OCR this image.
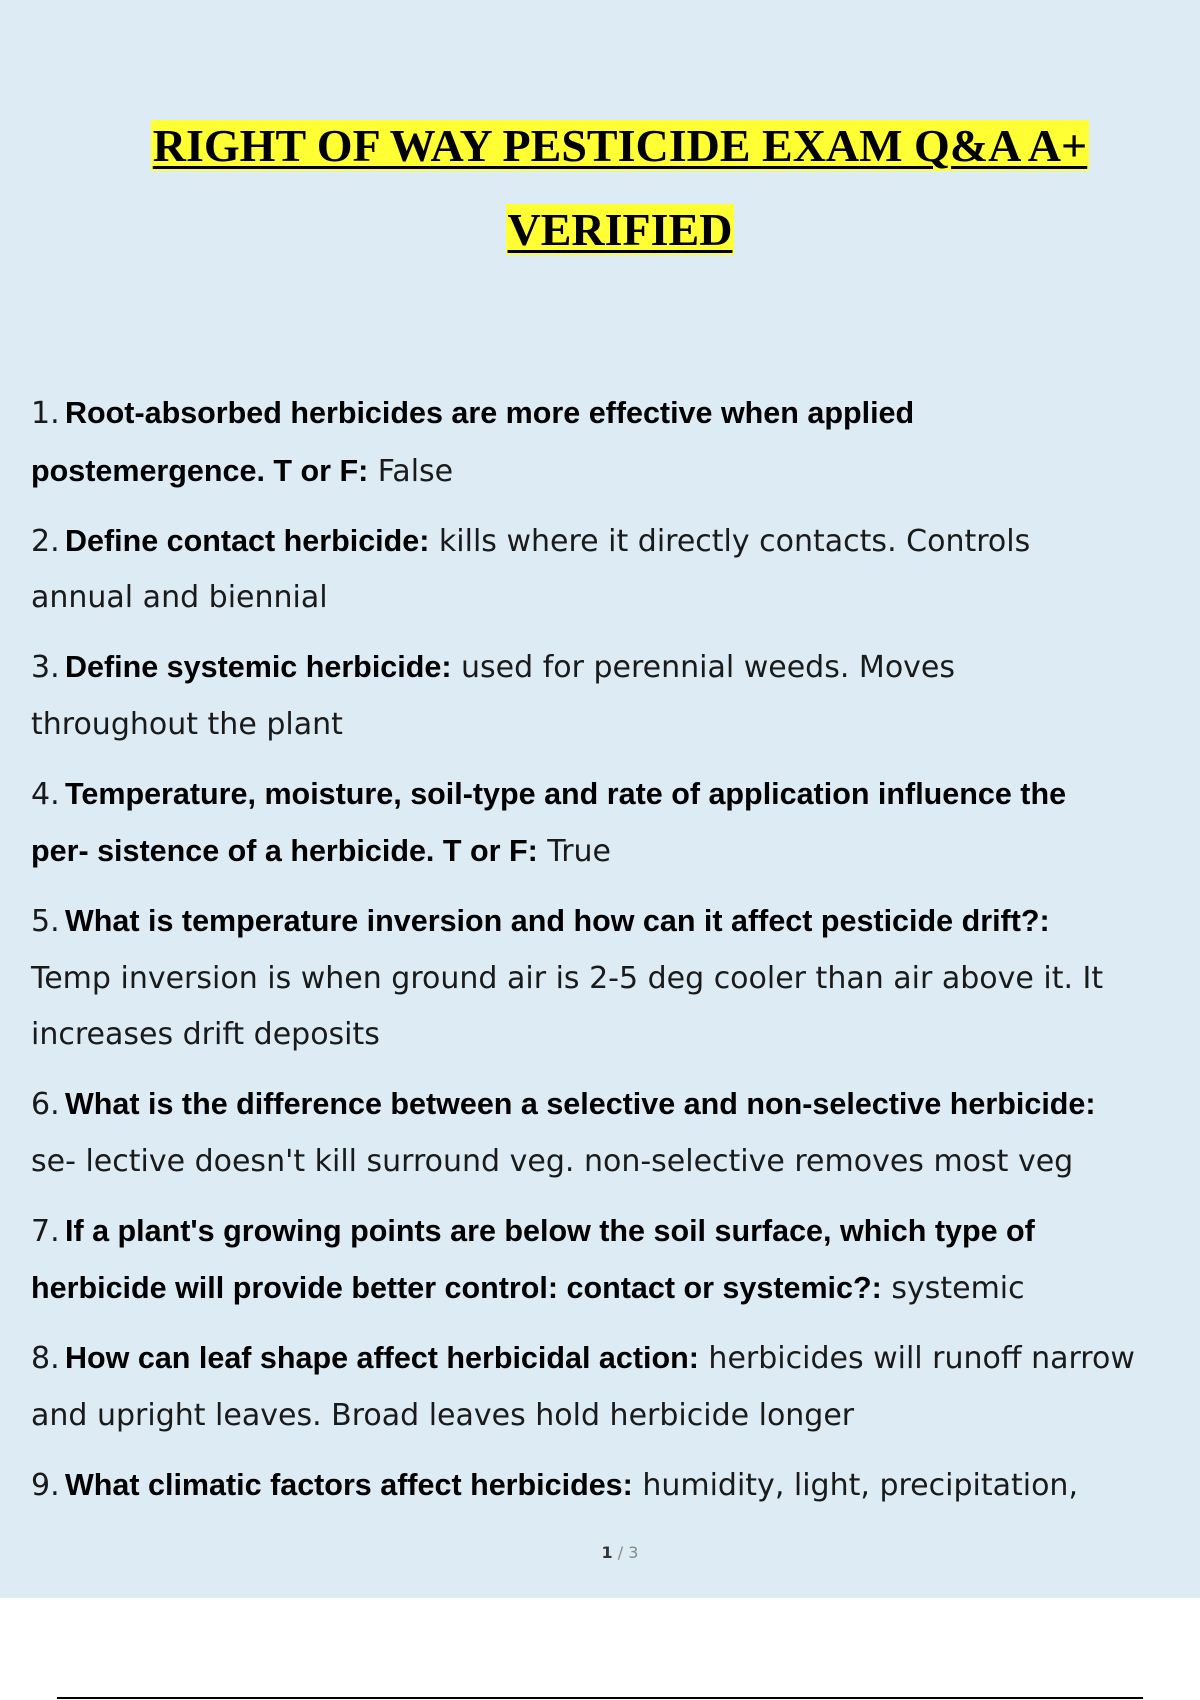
RIGHT OF WAY PESTICIDE EXAM Q&A A+
VERIFIED
1. Root-absorbed herbicides are more effective when applied
postemergence. T or F: False
2. Define contact herbicide: kills where it directly contacts. Controls
annual and biennial
3. Define systemic herbicide: used for perennial weeds. Moves
throughout the plant
4. Temperature, moisture, soil-type and rate of application influence the
per- sistence of a herbicide. T or F: True
5. What is temperature inversion and how can it affect pesticide drift?:
Temp inversion is when ground air is 2-5 deg cooler than air above it. It
increases drift deposits
6. What is the difference between a selective and non-selective herbicide:
se- lective doesn't kill surround veg. non-selective removes most veg
7. If a plant's growing points are below the soil surface, which type of
herbicide will provide better control: contact or systemic?: systemic
8. How can leaf shape affect herbicidal action: herbicides will runoff narrow
and upright leaves. Broad leaves hold herbicide longer
9. What climatic factors affect herbicides: humidity, light, precipitation,
1 / 3
